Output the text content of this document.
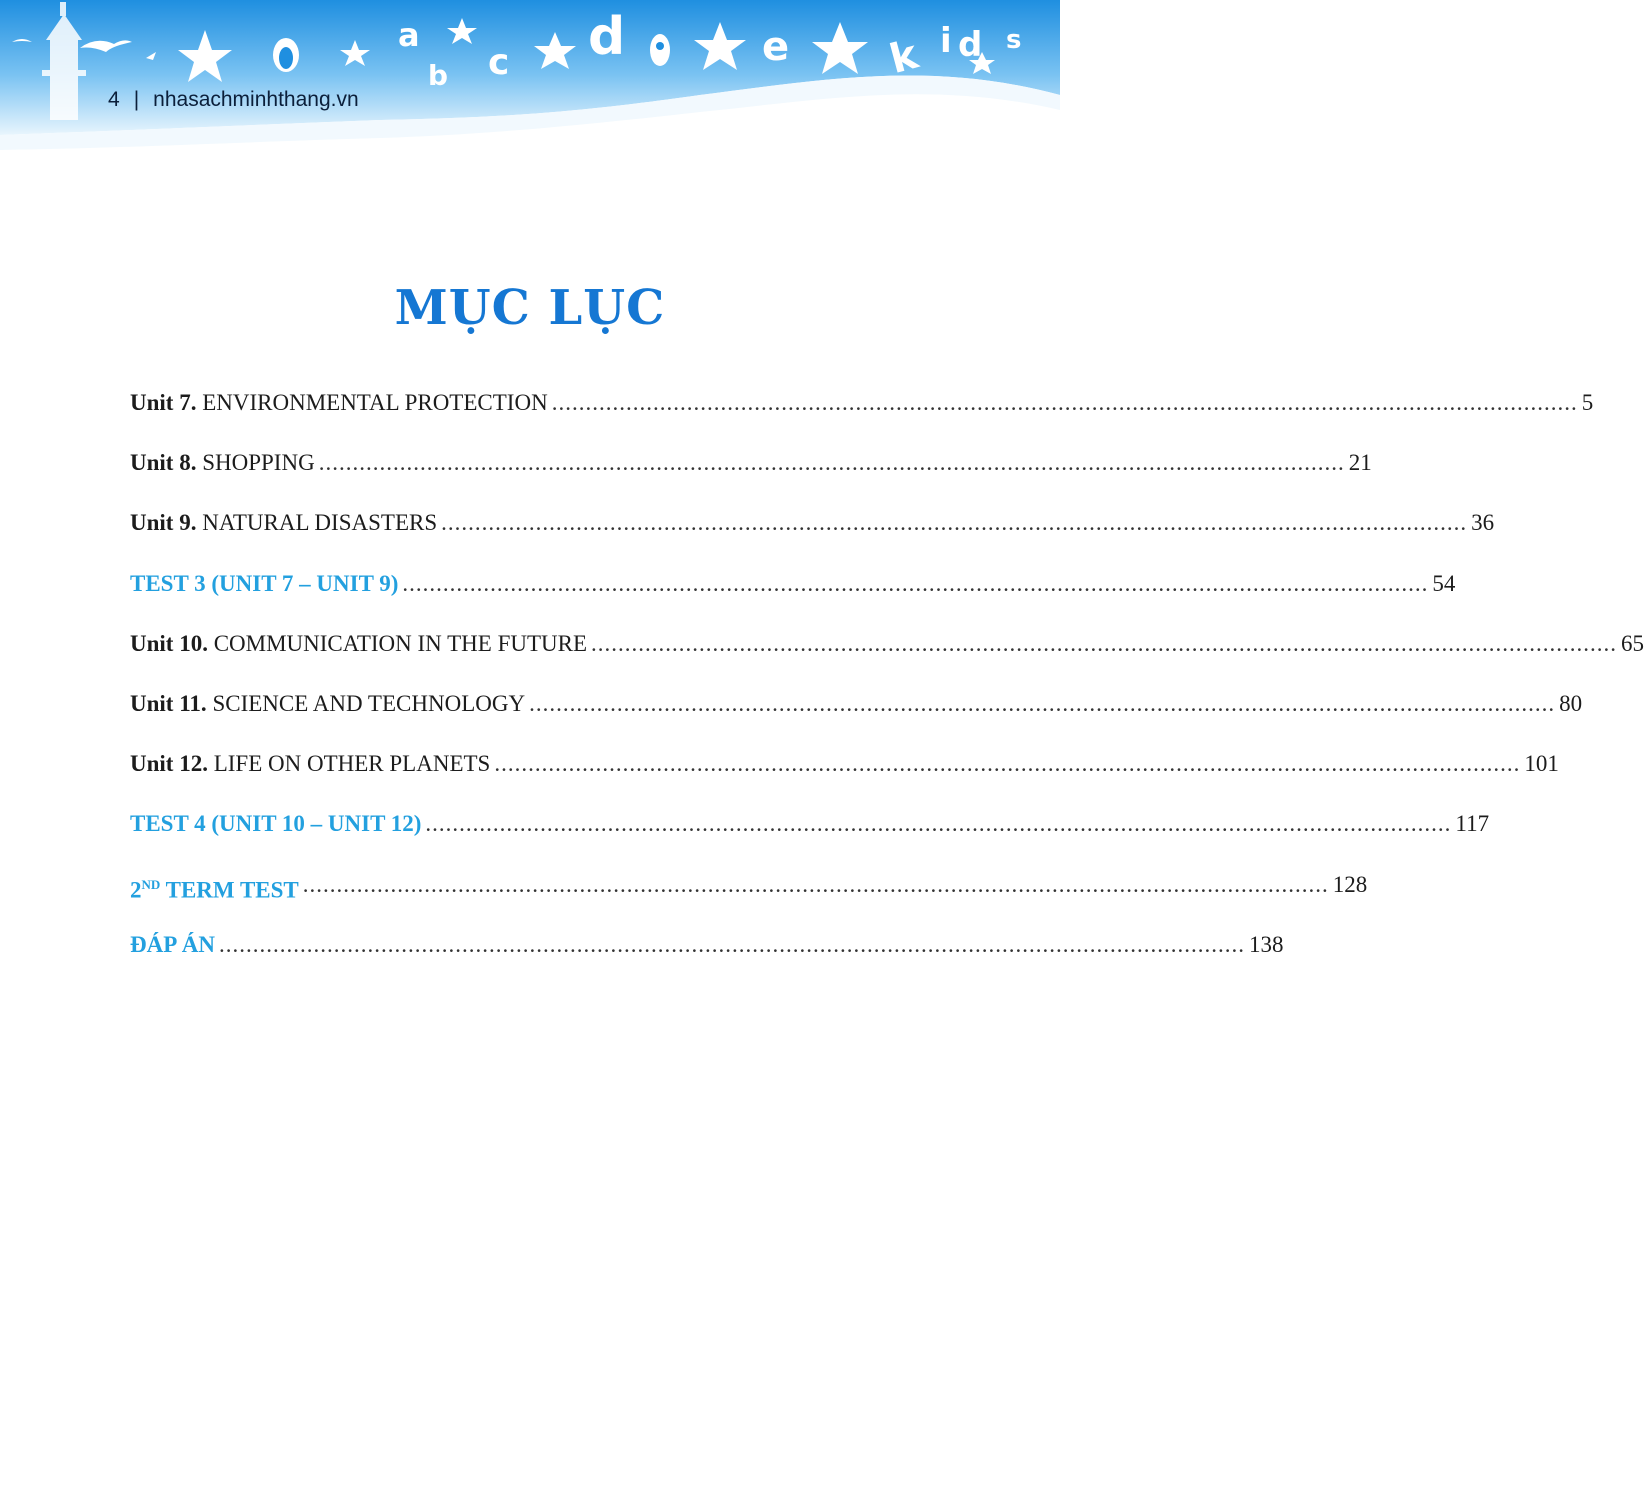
a
q c d	e k i d s
4 | nhasachminhthang.vn
MỤC LỤC
Unit 7. ENVIRONMENTAL PROTECTION ........................................................................................................................................................ 5
Unit 8. SHOPPING ........................................................................................................................................................ 21
Unit 9. NATURAL DISASTERS ........................................................................................................................................................ 36
TEST 3 (UNIT 7 – UNIT 9) ........................................................................................................................................................ 54
Unit 10. COMMUNICATION IN THE FUTURE ........................................................................................................................................................ 65
Unit 11. SCIENCE AND TECHNOLOGY ........................................................................................................................................................ 80
Unit 12. LIFE ON OTHER PLANETS ........................................................................................................................................................ 101
TEST 4 (UNIT 10 – UNIT 12) ........................................................................................................................................................ 117
2ND TERM TEST ........................................................................................................................................................ 128
ĐÁP ÁN ........................................................................................................................................................ 138
